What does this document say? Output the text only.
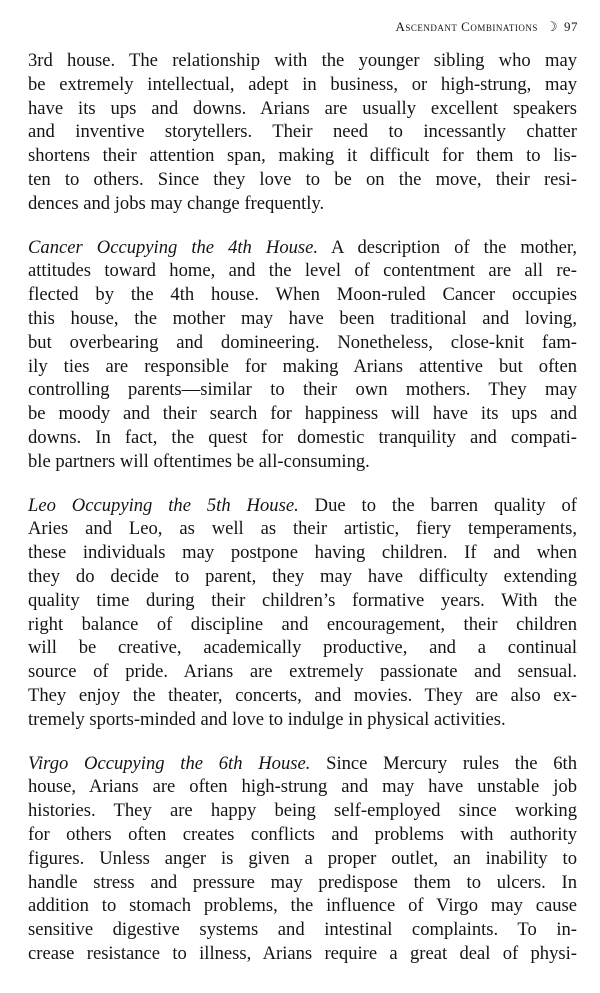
Ascendant Combinations ☽ 97

3rd house. The relationship with the younger sibling who may
be extremely intellectual, adept in business, or high-strung, may
have its ups and downs. Arians are usually excellent speakers
and inventive storytellers. Their need to incessantly chatter
shortens their attention span, making it difficult for them to lis-
ten to others. Since they love to be on the move, their resi-
dences and jobs may change frequently.

Cancer Occupying the 4th House. A description of the mother,
attitudes toward home, and the level of contentment are all re-
flected by the 4th house. When Moon-ruled Cancer occupies
this house, the mother may have been traditional and loving,
but overbearing and domineering. Nonetheless, close-knit fam-
ily ties are responsible for making Arians attentive but often
controlling parents—similar to their own mothers. They may
be moody and their search for happiness will have its ups and
downs. In fact, the quest for domestic tranquility and compati-
ble partners will oftentimes be all-consuming.

Leo Occupying the 5th House. Due to the barren quality of
Aries and Leo, as well as their artistic, fiery temperaments,
these individuals may postpone having children. If and when
they do decide to parent, they may have difficulty extending
quality time during their children’s formative years. With the
right balance of discipline and encouragement, their children
will be creative, academically productive, and a continual
source of pride. Arians are extremely passionate and sensual.
They enjoy the theater, concerts, and movies. They are also ex-
tremely sports-minded and love to indulge in physical activities.

Virgo Occupying the 6th House. Since Mercury rules the 6th
house, Arians are often high-strung and may have unstable job
histories. They are happy being self-employed since working
for others often creates conflicts and problems with authority
figures. Unless anger is given a proper outlet, an inability to
handle stress and pressure may predispose them to ulcers. In
addition to stomach problems, the influence of Virgo may cause
sensitive digestive systems and intestinal complaints. To in-
crease resistance to illness, Arians require a great deal of physi-
